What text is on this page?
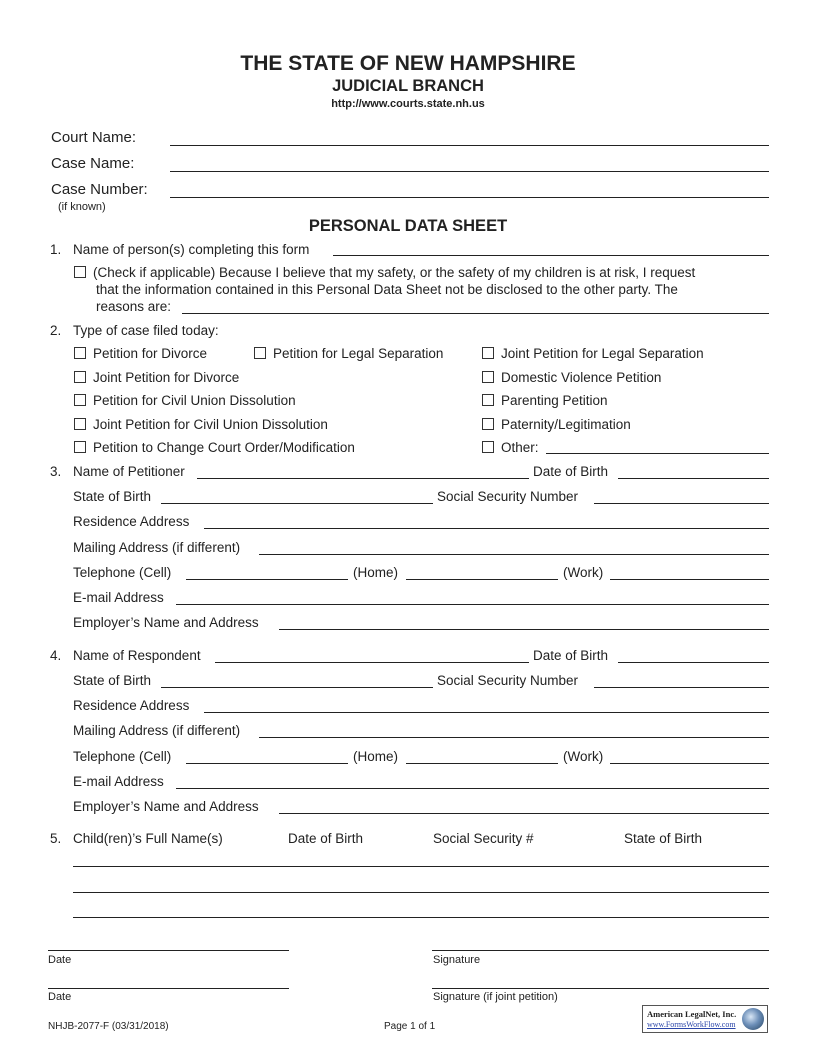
THE STATE OF NEW HAMPSHIRE
JUDICIAL BRANCH
http://www.courts.state.nh.us
Court Name:
Case Name:
Case Number:
(if known)
PERSONAL DATA SHEET
1. Name of person(s) completing this form
(Check if applicable) Because I believe that my safety, or the safety of my children is at risk, I request
that the information contained in this Personal Data Sheet not be disclosed to the other party. The
reasons are:
2. Type of case filed today:
Petition for Divorce	Petition for Legal Separation	Joint Petition for Legal Separation
Joint Petition for Divorce	Domestic Violence Petition
Petition for Civil Union Dissolution	Parenting Petition
Joint Petition for Civil Union Dissolution	Paternity/Legitimation
Petition to Change Court Order/Modification	Other:
3. Name of Petitioner	Date of Birth
State of Birth	Social Security Number
Residence Address
Mailing Address (if different)
Telephone (Cell)	(Home)	(Work)
E-mail Address
Employer’s Name and Address
4. Name of Respondent	Date of Birth
State of Birth	Social Security Number
Residence Address
Mailing Address (if different)
Telephone (Cell)	(Home)	(Work)
E-mail Address
Employer’s Name and Address
5. Child(ren)’s Full Name(s)	Date of Birth	Social Security #	State of Birth
Date	Signature
Date	Signature (if joint petition)
NHJB-2077-F (03/31/2018)	Page 1 of 1
American LegalNet, Inc.
www.FormsWorkFlow.com
